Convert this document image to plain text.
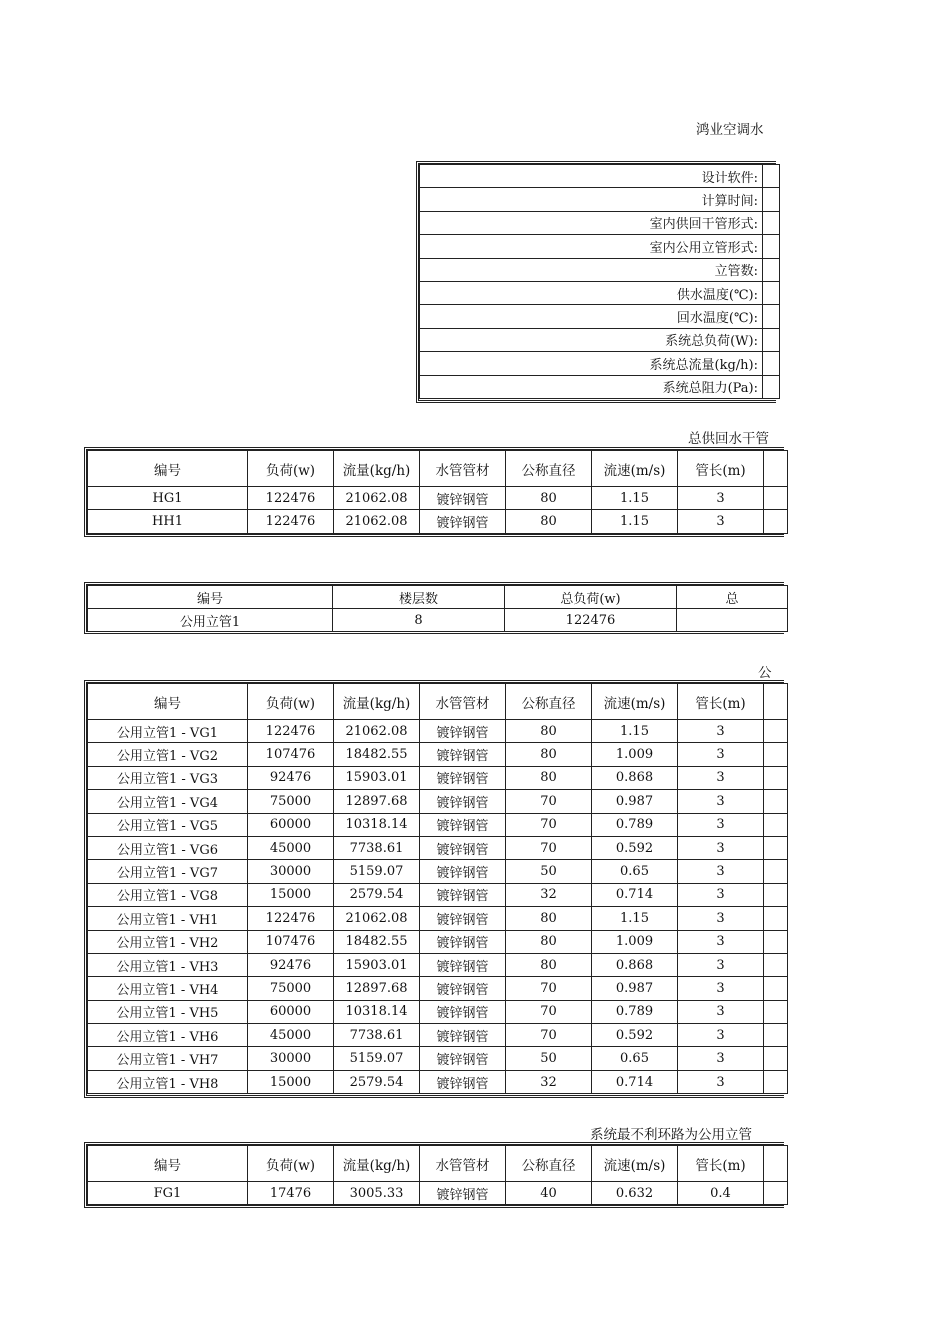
鸿业空调水
设计软件:	
计算时间:	
室内供回干管形式:	
室内公用立管形式:	
立管数:	
供水温度(℃):	
回水温度(℃):	
系统总负荷(W):	
系统总流量(kg/h):	
系统总阻力(Pa):	
总供回水干管
编号	负荷(w)	流量(kg/h)	水管管材	公称直径	流速(m/s)	管长(m)	
HG1	122476	21062.08	镀锌钢管	80	1.15	3	
HH1	122476	21062.08	镀锌钢管	80	1.15	3	
编号	楼层数	总负荷(w)	总
公用立管1	8	122476	
公
编号	负荷(w)	流量(kg/h)	水管管材	公称直径	流速(m/s)	管长(m)	
公用立管1 - VG1	122476	21062.08	镀锌钢管	80	1.15	3	
公用立管1 - VG2	107476	18482.55	镀锌钢管	80	1.009	3	
公用立管1 - VG3	92476	15903.01	镀锌钢管	80	0.868	3	
公用立管1 - VG4	75000	12897.68	镀锌钢管	70	0.987	3	
公用立管1 - VG5	60000	10318.14	镀锌钢管	70	0.789	3	
公用立管1 - VG6	45000	7738.61	镀锌钢管	70	0.592	3	
公用立管1 - VG7	30000	5159.07	镀锌钢管	50	0.65	3	
公用立管1 - VG8	15000	2579.54	镀锌钢管	32	0.714	3	
公用立管1 - VH1	122476	21062.08	镀锌钢管	80	1.15	3	
公用立管1 - VH2	107476	18482.55	镀锌钢管	80	1.009	3	
公用立管1 - VH3	92476	15903.01	镀锌钢管	80	0.868	3	
公用立管1 - VH4	75000	12897.68	镀锌钢管	70	0.987	3	
公用立管1 - VH5	60000	10318.14	镀锌钢管	70	0.789	3	
公用立管1 - VH6	45000	7738.61	镀锌钢管	70	0.592	3	
公用立管1 - VH7	30000	5159.07	镀锌钢管	50	0.65	3	
公用立管1 - VH8	15000	2579.54	镀锌钢管	32	0.714	3	
系统最不利环路为公用立管
编号	负荷(w)	流量(kg/h)	水管管材	公称直径	流速(m/s)	管长(m)	
FG1	17476	3005.33	镀锌钢管	40	0.632	0.4	
